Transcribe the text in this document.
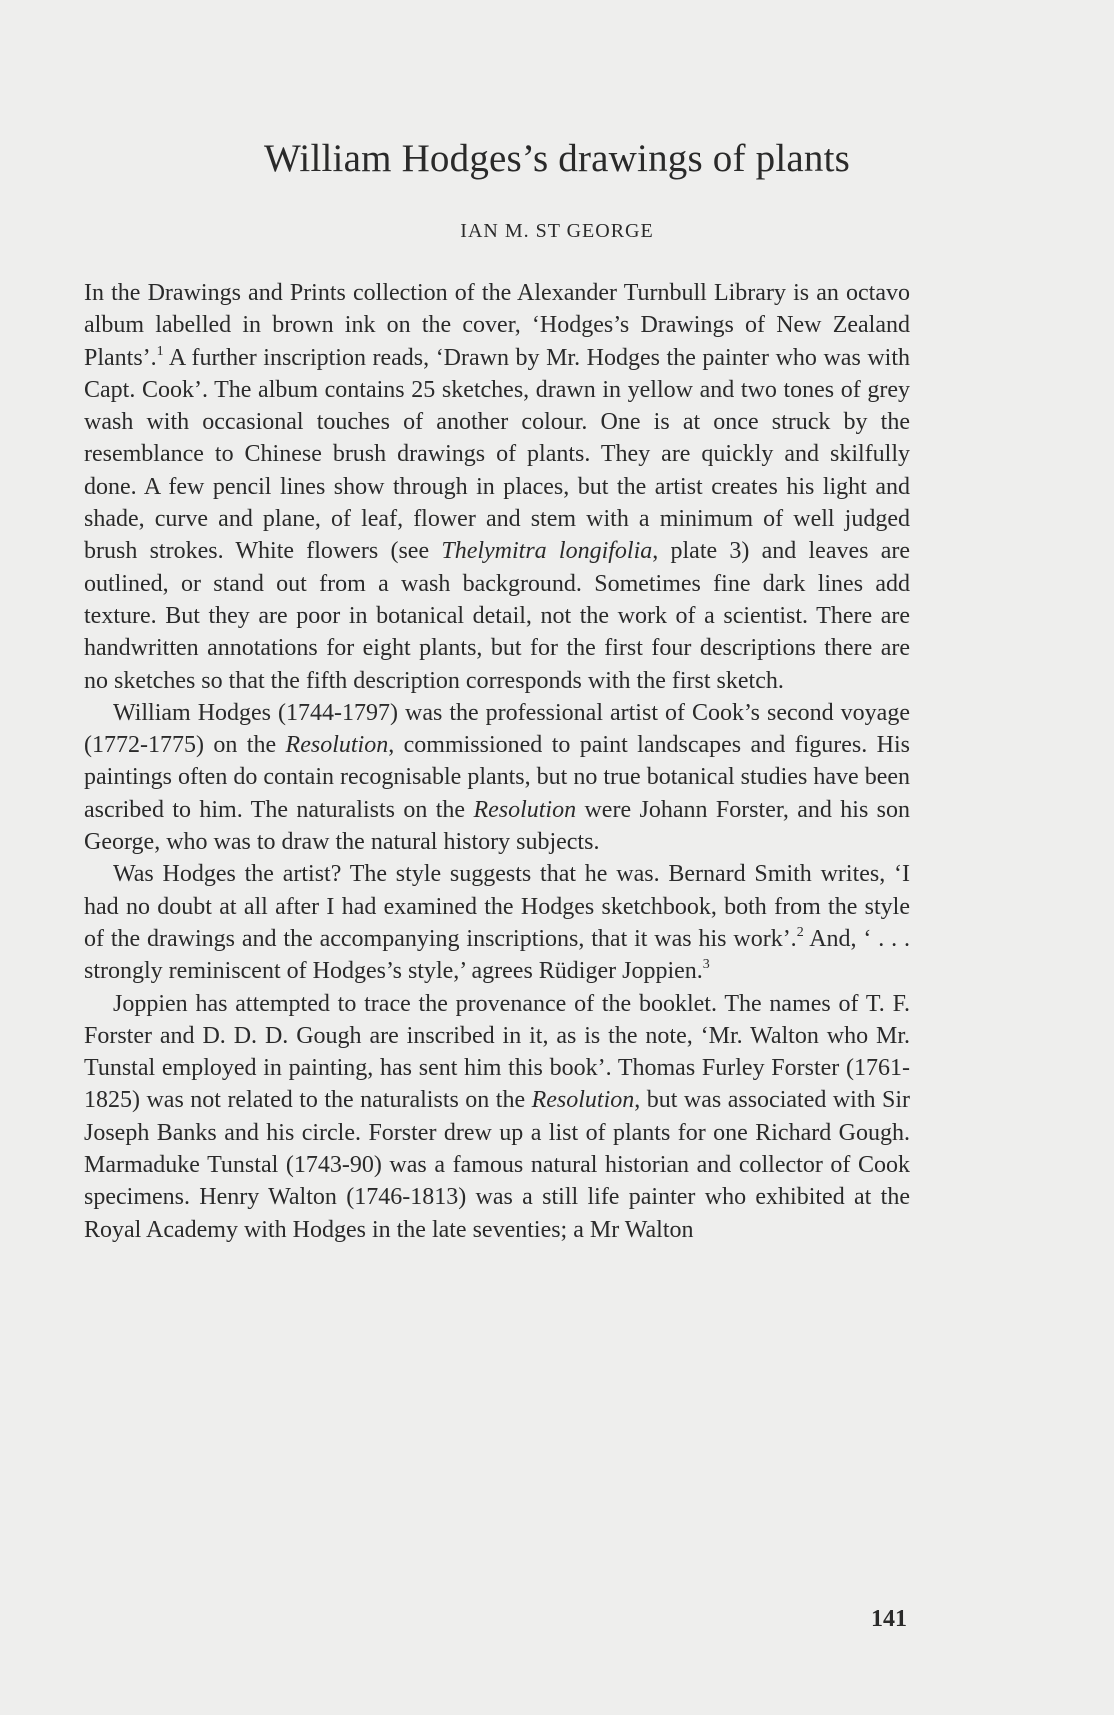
William Hodges’s drawings of plants
IAN M. ST GEORGE

In the Drawings and Prints collection of the Alexander Turnbull Library is an octavo album labelled in brown ink on the cover, ‘Hodges’s Drawings of New Zealand Plants’.$^1$ A further inscription reads, ‘Drawn by Mr. Hodges the painter who was with Capt. Cook’. The album contains 25 sketches, drawn in yellow and two tones of grey wash with occasional touches of another colour. One is at once struck by the resemblance to Chinese brush drawings of plants. They are quickly and skilfully done. A few pencil lines show through in places, but the artist creates his light and shade, curve and plane, of leaf, flower and stem with a minimum of well judged brush strokes. White flowers (see Thelymitra longifolia, plate 3) and leaves are outlined, or stand out from a wash background. Sometimes fine dark lines add texture. But they are poor in botanical detail, not the work of a scientist. There are handwritten annotations for eight plants, but for the first four descriptions there are no sketches so that the fifth description corresponds with the first sketch.

William Hodges (1744-1797) was the professional artist of Cook’s second voyage (1772-1775) on the Resolution, commissioned to paint landscapes and figures. His paintings often do contain recognisable plants, but no true botanical studies have been ascribed to him. The naturalists on the Resolution were Johann Forster, and his son George, who was to draw the natural history subjects.

Was Hodges the artist? The style suggests that he was. Bernard Smith writes, ‘I had no doubt at all after I had examined the Hodges sketchbook, both from the style of the drawings and the accompanying inscriptions, that it was his work’.$^2$ And, ‘ . . . strongly reminiscent of Hodges’s style,’ agrees Rüdiger Joppien.$^3$

Joppien has attempted to trace the provenance of the booklet. The names of T. F. Forster and D. D. D. Gough are inscribed in it, as is the note, ‘Mr. Walton who Mr. Tunstal employed in painting, has sent him this book’. Thomas Furley Forster (1761-1825) was not related to the naturalists on the Resolution, but was associated with Sir Joseph Banks and his circle. Forster drew up a list of plants for one Richard Gough. Marmaduke Tunstal (1743-90) was a famous natural historian and collector of Cook specimens. Henry Walton (1746-1813) was a still life painter who exhibited at the Royal Academy with Hodges in the late seventies; a Mr Walton

141
